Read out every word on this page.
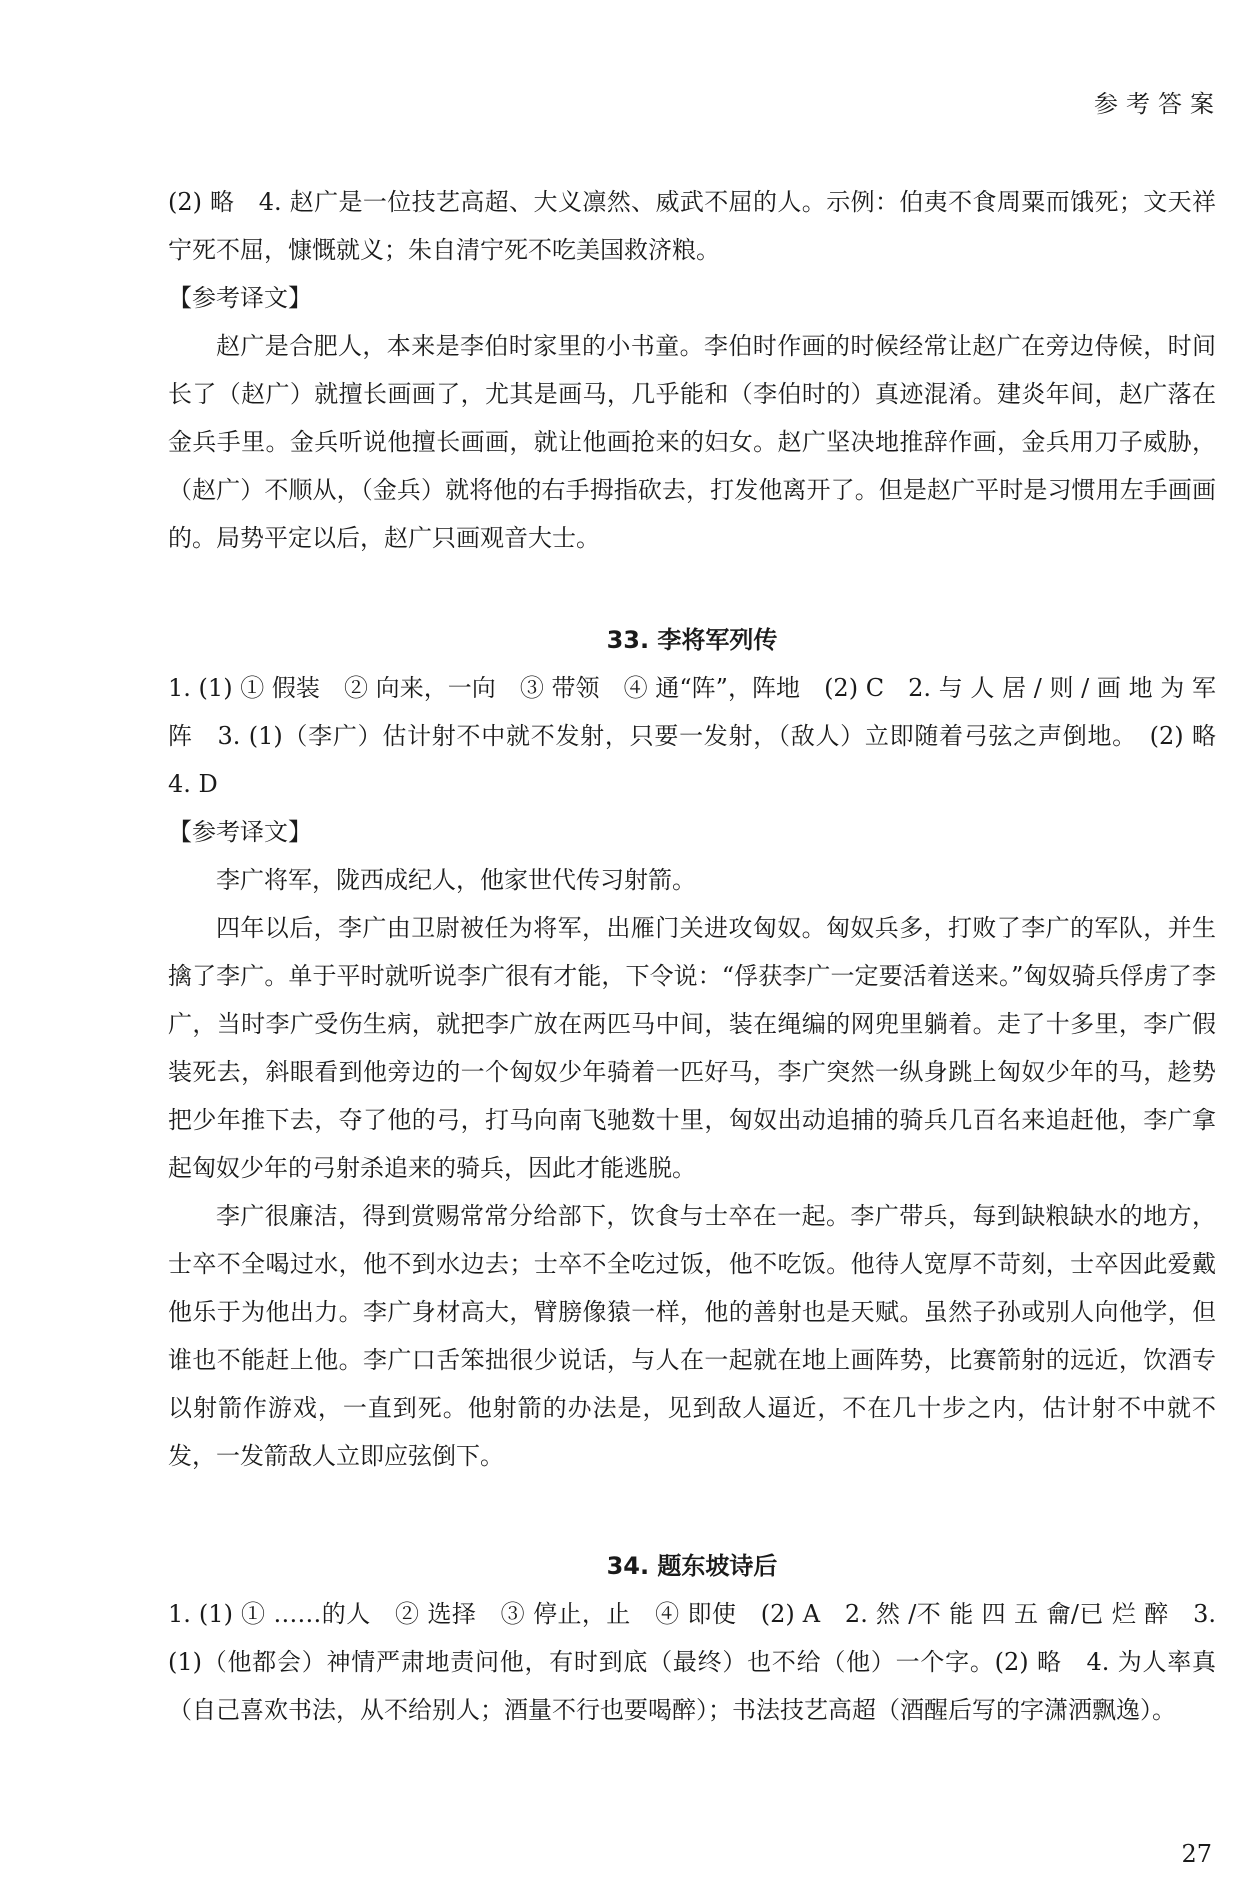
参考答案

(2) 略　4. 赵广是一位技艺高超、大义凛然、威武不屈的人。示例：伯夷不食周粟而饿死；文天祥宁死不屈，慷慨就义；朱自清宁死不吃美国救济粮。

【参考译文】

赵广是合肥人，本来是李伯时家里的小书童。李伯时作画的时候经常让赵广在旁边侍候，时间长了（赵广）就擅长画画了，尤其是画马，几乎能和（李伯时的）真迹混淆。建炎年间，赵广落在金兵手里。金兵听说他擅长画画，就让他画抢来的妇女。赵广坚决地推辞作画，金兵用刀子威胁，（赵广）不顺从，（金兵）就将他的右手拇指砍去，打发他离开了。但是赵广平时是习惯用左手画画的。局势平定以后，赵广只画观音大士。

33. 李将军列传

1. (1) ① 假装　② 向来，一向　③ 带领　④ 通“阵”，阵地　(2) C　2. 与 人 居 / 则 / 画 地 为 军 阵　3. (1)（李广）估计射不中就不发射，只要一发射，（敌人）立即随着弓弦之声倒地。　(2) 略　4. D

【参考译文】

李广将军，陇西成纪人，他家世代传习射箭。

四年以后，李广由卫尉被任为将军，出雁门关进攻匈奴。匈奴兵多，打败了李广的军队，并生擒了李广。单于平时就听说李广很有才能，下令说：“俘获李广一定要活着送来。”匈奴骑兵俘虏了李广，当时李广受伤生病，就把李广放在两匹马中间，装在绳编的网兜里躺着。走了十多里，李广假装死去，斜眼看到他旁边的一个匈奴少年骑着一匹好马，李广突然一纵身跳上匈奴少年的马，趁势把少年推下去，夺了他的弓，打马向南飞驰数十里，匈奴出动追捕的骑兵几百名来追赶他，李广拿起匈奴少年的弓射杀追来的骑兵，因此才能逃脱。

李广很廉洁，得到赏赐常常分给部下，饮食与士卒在一起。李广带兵，每到缺粮缺水的地方，士卒不全喝过水，他不到水边去；士卒不全吃过饭，他不吃饭。他待人宽厚不苛刻，士卒因此爱戴他乐于为他出力。李广身材高大，臂膀像猿一样，他的善射也是天赋。虽然子孙或别人向他学，但谁也不能赶上他。李广口舌笨拙很少说话，与人在一起就在地上画阵势，比赛箭射的远近，饮酒专以射箭作游戏，一直到死。他射箭的办法是，见到敌人逼近，不在几十步之内，估计射不中就不发，一发箭敌人立即应弦倒下。

34. 题东坡诗后

1. (1) ① ……的人　② 选择　③ 停止，止　④ 即使　(2) A　2. 然 /不 能 四 五 龠/已 烂 醉　3. (1)（他都会）神情严肃地责问他，有时到底（最终）也不给（他）一个字。(2) 略　4. 为人率真（自己喜欢书法，从不给别人；酒量不行也要喝醉）；书法技艺高超（酒醒后写的字潇洒飘逸）。

27
